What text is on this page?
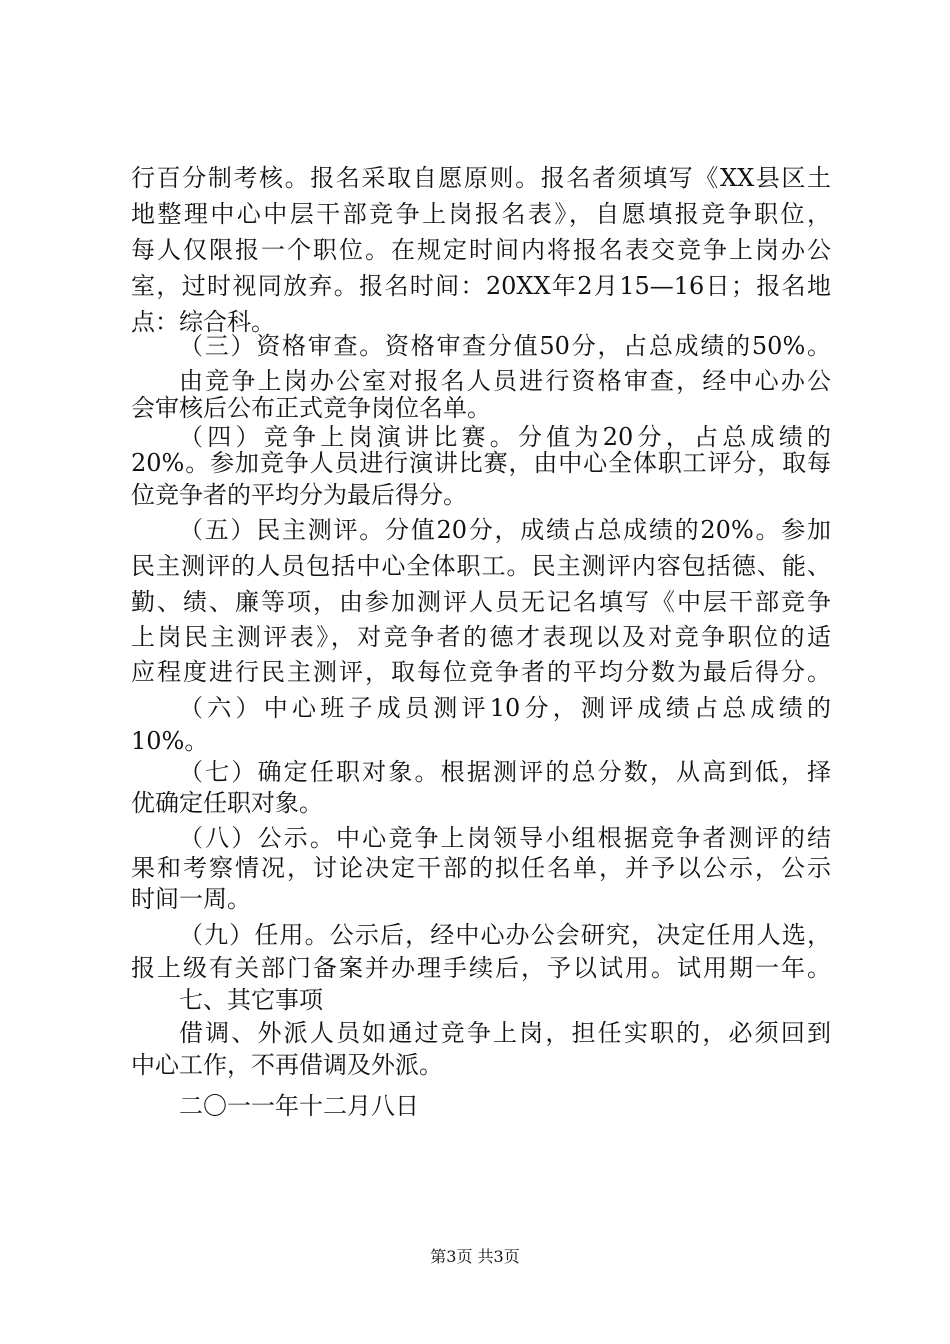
行百分制考核。报名采取自愿原则。报名者须填写《XX县区土
地整理中心中层干部竞争上岗报名表》，自愿填报竞争职位，
每人仅限报一个职位。在规定时间内将报名表交竞争上岗办公
室，过时视同放弃。报名时间：20XX年2月15—16日；报名地
点：综合科。
（三）资格审查。资格审查分值50分，占总成绩的50%。
由竞争上岗办公室对报名人员进行资格审查，经中心办公
会审核后公布正式竞争岗位名单。
（四）竞争上岗演讲比赛。分值为20分，占总成绩的
20%。参加竞争人员进行演讲比赛，由中心全体职工评分，取每
位竞争者的平均分为最后得分。
（五）民主测评。分值20分，成绩占总成绩的20%。参加
民主测评的人员包括中心全体职工。民主测评内容包括德、能、
勤、绩、廉等项，由参加测评人员无记名填写《中层干部竞争
上岗民主测评表》，对竞争者的德才表现以及对竞争职位的适
应程度进行民主测评，取每位竞争者的平均分数为最后得分。
（六）中心班子成员测评10分，测评成绩占总成绩的
10%。
（七）确定任职对象。根据测评的总分数，从高到低，择
优确定任职对象。
（八）公示。中心竞争上岗领导小组根据竞争者测评的结
果和考察情况，讨论决定干部的拟任名单，并予以公示，公示
时间一周。
（九）任用。公示后，经中心办公会研究，决定任用人选，
报上级有关部门备案并办理手续后，予以试用。试用期一年。
七、其它事项
借调、外派人员如通过竞争上岗，担任实职的，必须回到
中心工作，不再借调及外派。
二〇一一年十二月八日
第3页 共3页
